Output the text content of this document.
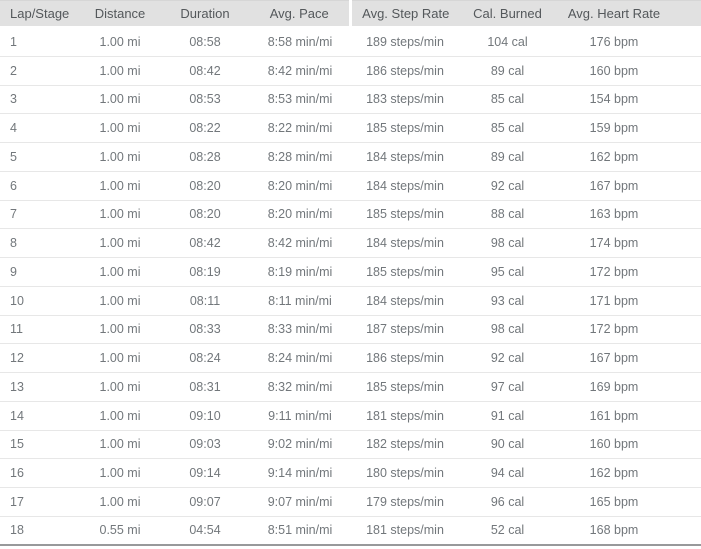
Lap/Stage	Distance	Duration	Avg. Pace	Avg. Step Rate	Cal. Burned	Avg. Heart Rate
1	1.00 mi	08:58	8:58 min/mi	189 steps/min	104 cal	176 bpm
2	1.00 mi	08:42	8:42 min/mi	186 steps/min	89 cal	160 bpm
3	1.00 mi	08:53	8:53 min/mi	183 steps/min	85 cal	154 bpm
4	1.00 mi	08:22	8:22 min/mi	185 steps/min	85 cal	159 bpm
5	1.00 mi	08:28	8:28 min/mi	184 steps/min	89 cal	162 bpm
6	1.00 mi	08:20	8:20 min/mi	184 steps/min	92 cal	167 bpm
7	1.00 mi	08:20	8:20 min/mi	185 steps/min	88 cal	163 bpm
8	1.00 mi	08:42	8:42 min/mi	184 steps/min	98 cal	174 bpm
9	1.00 mi	08:19	8:19 min/mi	185 steps/min	95 cal	172 bpm
10	1.00 mi	08:11	8:11 min/mi	184 steps/min	93 cal	171 bpm
11	1.00 mi	08:33	8:33 min/mi	187 steps/min	98 cal	172 bpm
12	1.00 mi	08:24	8:24 min/mi	186 steps/min	92 cal	167 bpm
13	1.00 mi	08:31	8:32 min/mi	185 steps/min	97 cal	169 bpm
14	1.00 mi	09:10	9:11 min/mi	181 steps/min	91 cal	161 bpm
15	1.00 mi	09:03	9:02 min/mi	182 steps/min	90 cal	160 bpm
16	1.00 mi	09:14	9:14 min/mi	180 steps/min	94 cal	162 bpm
17	1.00 mi	09:07	9:07 min/mi	179 steps/min	96 cal	165 bpm
18	0.55 mi	04:54	8:51 min/mi	181 steps/min	52 cal	168 bpm
